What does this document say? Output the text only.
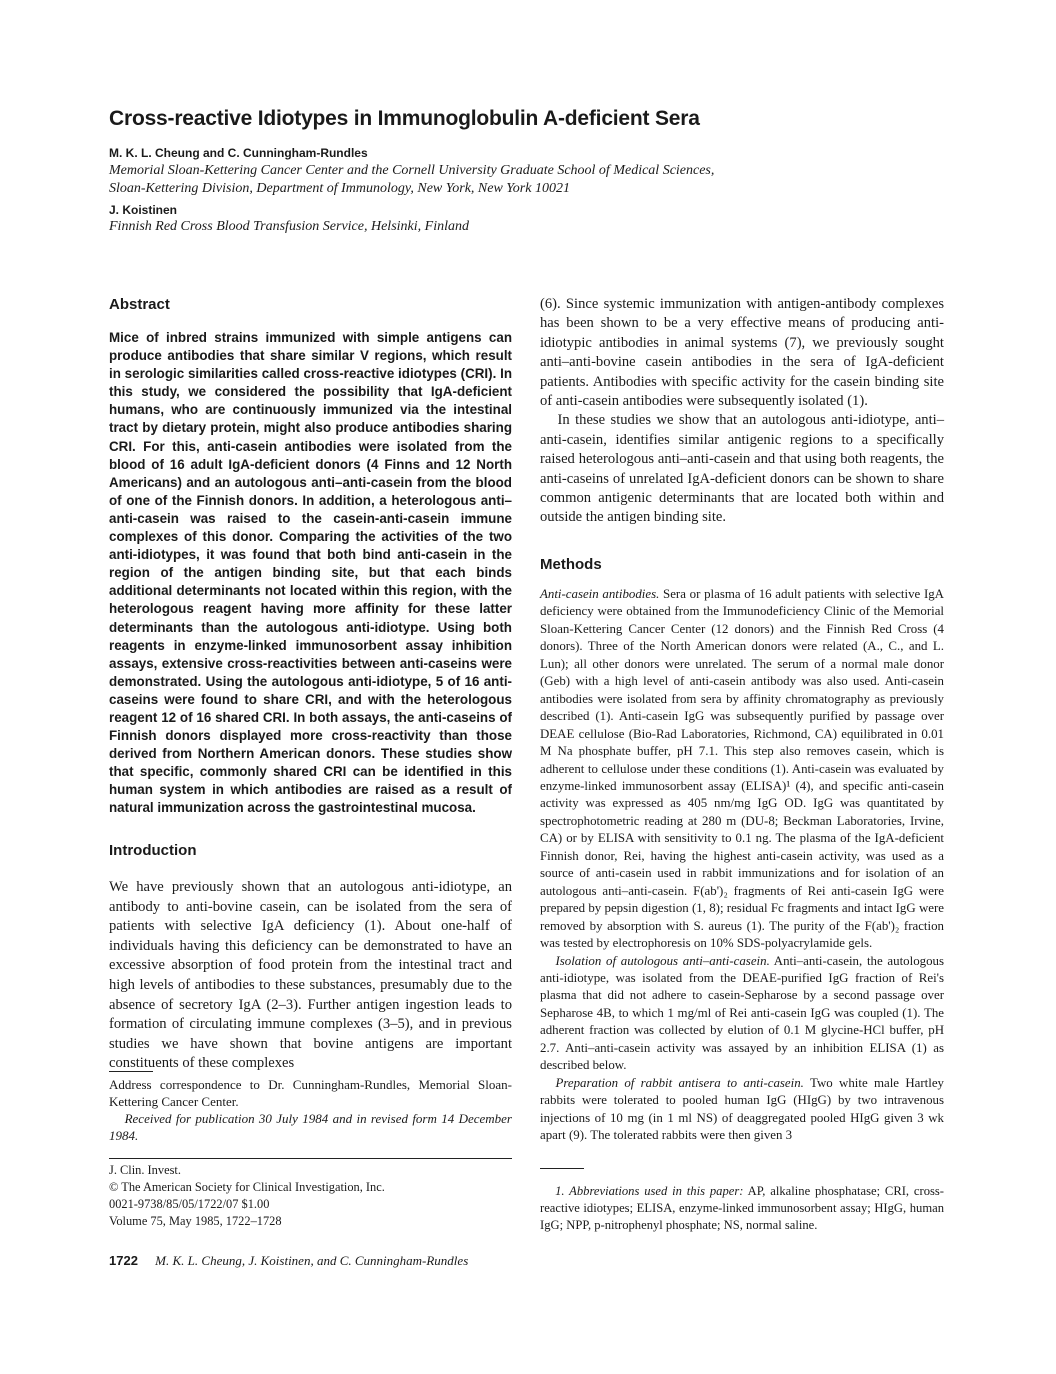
Cross-reactive Idiotypes in Immunoglobulin A-deficient Sera
M. K. L. Cheung and C. Cunningham-Rundles
Memorial Sloan-Kettering Cancer Center and the Cornell University Graduate School of Medical Sciences,
Sloan-Kettering Division, Department of Immunology, New York, New York 10021
J. Koistinen
Finnish Red Cross Blood Transfusion Service, Helsinki, Finland
Abstract

Mice of inbred strains immunized with simple antigens can produce antibodies that share similar V regions, which result in serologic similarities called cross-reactive idiotypes (CRI). In this study, we considered the possibility that IgA-deficient humans, who are continuously immunized via the intestinal tract by dietary protein, might also produce antibodies sharing CRI. For this, anti-casein antibodies were isolated from the blood of 16 adult IgA-deficient donors (4 Finns and 12 North Americans) and an autologous anti–anti-casein from the blood of one of the Finnish donors. In addition, a heterologous anti–anti-casein was raised to the casein-anti-casein immune complexes of this donor. Comparing the activities of the two anti-idiotypes, it was found that both bind anti-casein in the region of the antigen binding site, but that each binds additional determinants not located within this region, with the heterologous reagent having more affinity for these latter determinants than the autologous anti-idiotype. Using both reagents in enzyme-linked immunosorbent assay inhibition assays, extensive cross-reactivities between anti-caseins were demonstrated. Using the autologous anti-idiotype, 5 of 16 anti-caseins were found to share CRI, and with the heterologous reagent 12 of 16 shared CRI. In both assays, the anti-caseins of Finnish donors displayed more cross-reactivity than those derived from Northern American donors. These studies show that specific, commonly shared CRI can be identified in this human system in which antibodies are raised as a result of natural immunization across the gastrointestinal mucosa.

Introduction

We have previously shown that an autologous anti-idiotype, an antibody to anti-bovine casein, can be isolated from the sera of patients with selective IgA deficiency (1). About one-half of individuals having this deficiency can be demonstrated to have an excessive absorption of food protein from the intestinal tract and high levels of antibodies to these substances, presumably due to the absence of secretory IgA (2–3). Further antigen ingestion leads to formation of circulating immune complexes (3–5), and in previous studies we have shown that bovine antigens are important constituents of these complexes

Address correspondence to Dr. Cunningham-Rundles, Memorial Sloan-Kettering Cancer Center.

Received for publication 30 July 1984 and in revised form 14 December 1984.

J. Clin. Invest.
© The American Society for Clinical Investigation, Inc.
0021-9738/85/05/1722/07 $1.00
Volume 75, May 1985, 1722–1728
1722 M. K. L. Cheung, J. Koistinen, and C. Cunningham-Rundles

(6). Since systemic immunization with antigen-antibody complexes has been shown to be a very effective means of producing anti-idiotypic antibodies in animal systems (7), we previously sought anti–anti-bovine casein antibodies in the sera of IgA-deficient patients. Antibodies with specific activity for the casein binding site of anti-casein antibodies were subsequently isolated (1).

In these studies we show that an autologous anti-idiotype, anti–anti-casein, identifies similar antigenic regions to a specifically raised heterologous anti–anti-casein and that using both reagents, the anti-caseins of unrelated IgA-deficient donors can be shown to share common antigenic determinants that are located both within and outside the antigen binding site.

Methods

Anti-casein antibodies. Sera or plasma of 16 adult patients with selective IgA deficiency were obtained from the Immunodeficiency Clinic of the Memorial Sloan-Kettering Cancer Center (12 donors) and the Finnish Red Cross (4 donors). Three of the North American donors were related (A., C., and L. Lun); all other donors were unrelated. The serum of a normal male donor (Geb) with a high level of anti-casein antibody was also used. Anti-casein antibodies were isolated from sera by affinity chromatography as previously described (1). Anti-casein IgG was subsequently purified by passage over DEAE cellulose (Bio-Rad Laboratories, Richmond, CA) equilibrated in 0.01 M Na phosphate buffer, pH 7.1. This step also removes casein, which is adherent to cellulose under these conditions (1). Anti-casein was evaluated by enzyme-linked immunosorbent assay (ELISA)¹ (4), and specific anti-casein activity was expressed as 405 nm/mg IgG OD. IgG was quantitated by spectrophotometric reading at 280 m (DU-8; Beckman Laboratories, Irvine, CA) or by ELISA with sensitivity to 0.1 ng. The plasma of the IgA-deficient Finnish donor, Rei, having the highest anti-casein activity, was used as a source of anti-casein used in rabbit immunizations and for isolation of an autologous anti–anti-casein. F(ab')₂ fragments of Rei anti-casein IgG were prepared by pepsin digestion (1, 8); residual Fc fragments and intact IgG were removed by absorption with S. aureus (1). The purity of the F(ab')₂ fraction was tested by electrophoresis on 10% SDS-polyacrylamide gels.

Isolation of autologous anti–anti-casein. Anti–anti-casein, the autologous anti-idiotype, was isolated from the DEAE-purified IgG fraction of Rei's plasma that did not adhere to casein-Sepharose by a second passage over Sepharose 4B, to which 1 mg/ml of Rei anti-casein IgG was coupled (1). The adherent fraction was collected by elution of 0.1 M glycine-HCl buffer, pH 2.7. Anti–anti-casein activity was assayed by an inhibition ELISA (1) as described below.

Preparation of rabbit antisera to anti-casein. Two white male Hartley rabbits were tolerated to pooled human IgG (HIgG) by two intravenous injections of 10 mg (in 1 ml NS) of deaggregated pooled HIgG given 3 wk apart (9). The tolerated rabbits were then given 3

1. Abbreviations used in this paper: AP, alkaline phosphatase; CRI, cross-reactive idiotypes; ELISA, enzyme-linked immunosorbent assay; HIgG, human IgG; NPP, p-nitrophenyl phosphate; NS, normal saline.
